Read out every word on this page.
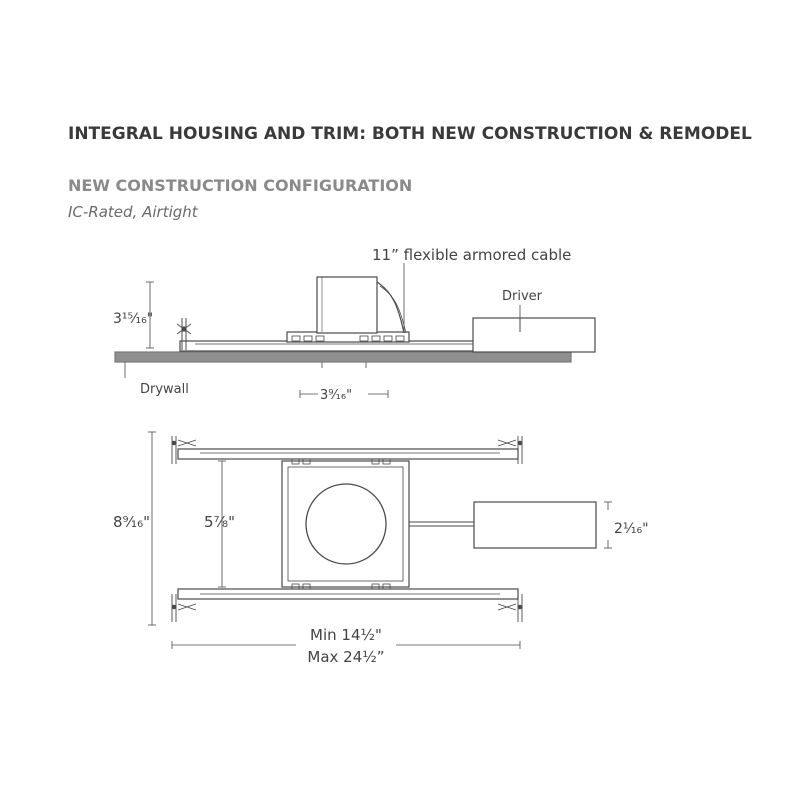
INTEGRAL HOUSING AND TRIM: BOTH NEW CONSTRUCTION & REMODEL
NEW CONSTRUCTION CONFIGURATION
IC-Rated, Airtight
11” flexible armored cable
Driver
3¹⁵⁄₁₆"
Drywall	3⁹⁄₁₆"
8⁹⁄₁₆"	5⁷⁄₈"	2¹⁄₁₆"
Min 14½"
Max 24½”
